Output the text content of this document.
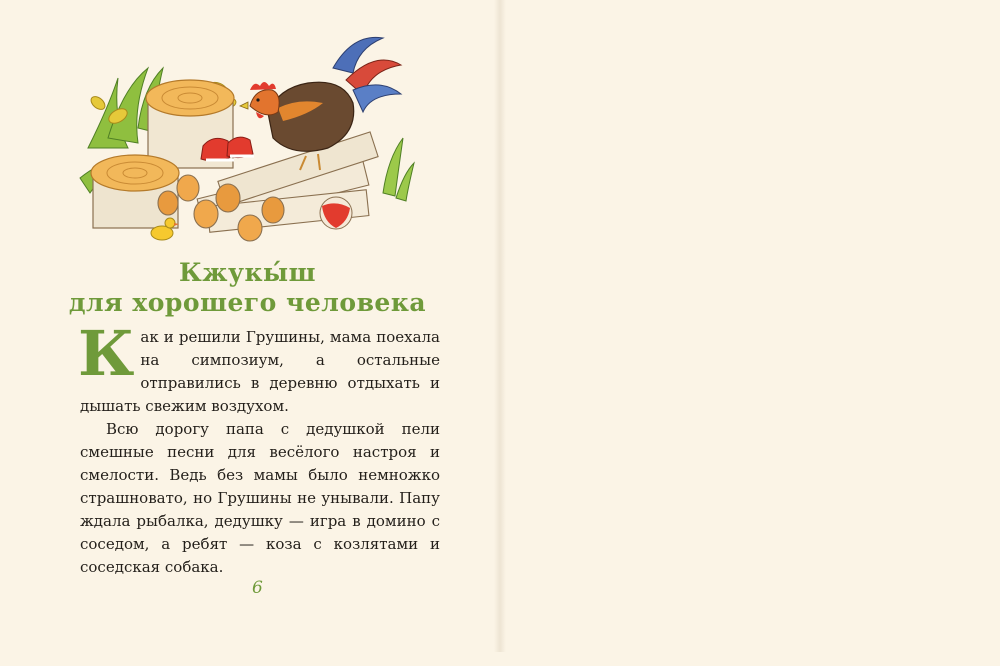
Кжукы́ш
для хорошего человека

Как и решили Грушины, мама поехала на симпозиум, а остальные отправились в деревню отдыхать и дышать свежим воздухом.

Всю дорогу папа с дедушкой пели смешные песни для весёлого настроя и смелости. Ведь без мамы было немножко страшновато, но Грушины не унывали. Папу ждала рыбалка, дедушку — игра в домино с соседом, а ребят — коза с козлятами и соседская собака.

6
